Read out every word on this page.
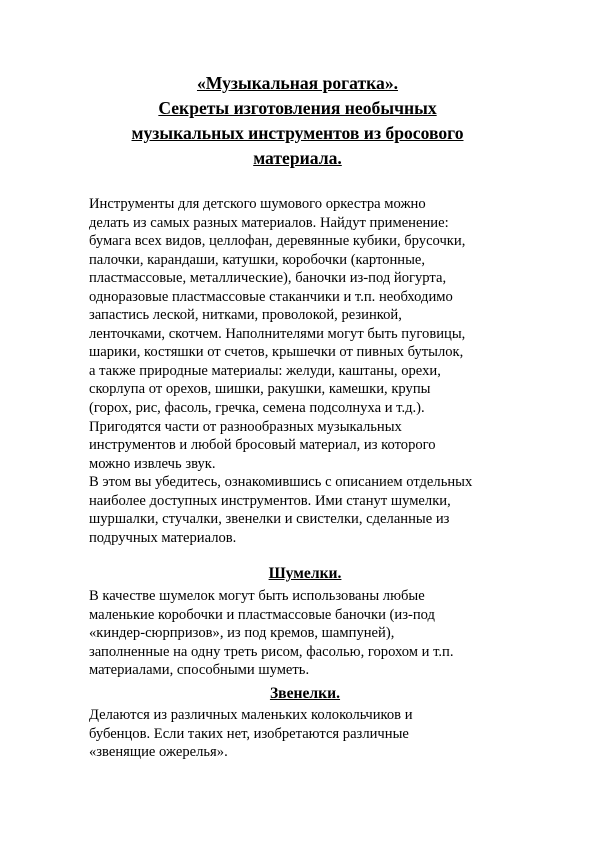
«Музыкальная рогатка».
Секреты изготовления необычных
музыкальных инструментов из бросового
материала.

Инструменты для детского шумового оркестра можно
делать из самых разных материалов. Найдут применение:
бумага всех видов, целлофан, деревянные кубики, брусочки,
палочки, карандаши, катушки, коробочки (картонные,
пластмассовые, металлические), баночки из-под йогурта,
одноразовые пластмассовые стаканчики и т.п. необходимо
запастись леской, нитками, проволокой, резинкой,
ленточками, скотчем. Наполнителями могут быть пуговицы,
шарики, костяшки от счетов, крышечки от пивных бутылок,
а также природные материалы: желуди, каштаны, орехи,
скорлупа от орехов, шишки, ракушки, камешки, крупы
(горох, рис, фасоль, гречка, семена подсолнуха и т.д.).
Пригодятся части от разнообразных музыкальных
инструментов и любой бросовый материал, из которого
можно извлечь звук.
В этом вы убедитесь, ознакомившись с описанием отдельных
наиболее доступных инструментов. Ими станут шумелки,
шуршалки, стучалки, звенелки и свистелки, сделанные из
подручных материалов.

Шумелки.

В качестве шумелок могут быть использованы любые
маленькие коробочки и пластмассовые баночки (из-под
«киндер-сюрпризов», из под кремов, шампуней),
заполненные на одну треть рисом, фасолью, горохом и т.п.
материалами, способными шуметь.

Звенелки.

Делаются из различных маленьких колокольчиков и
бубенцов. Если таких нет, изобретаются различные
«звенящие ожерелья».
